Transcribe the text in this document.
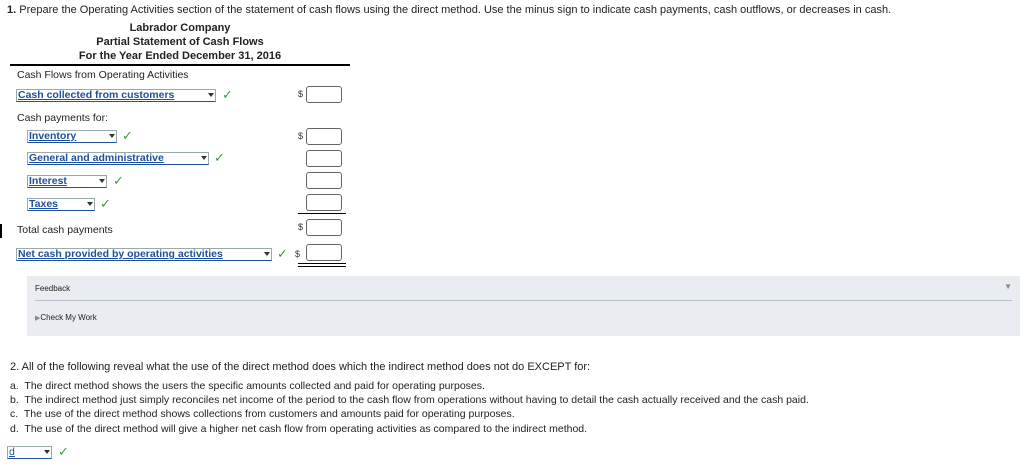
1. Prepare the Operating Activities section of the statement of cash flows using the direct method. Use the minus sign to indicate cash payments, cash outflows, or decreases in cash.
Labrador Company
Partial Statement of Cash Flows
For the Year Ended December 31, 2016
Cash Flows from Operating Activities
Cash collected from customers	✓	$
Cash payments for:
Inventory	✓	$
General and administrative	✓
Interest	✓
Taxes	✓
Total cash payments	$
Net cash provided by operating activities	✓ $
Feedback	▼
▶Check My Work
2. All of the following reveal what the use of the direct method does which the indirect method does not do EXCEPT for:
a. The direct method shows the users the specific amounts collected and paid for operating purposes.
b. The indirect method just simply reconciles net income of the period to the cash flow from operations without having to detail the cash actually received and the cash paid.
c. The use of the direct method shows collections from customers and amounts paid for operating purposes.
d. The use of the direct method will give a higher net cash flow from operating activities as compared to the indirect method.
d	✓
